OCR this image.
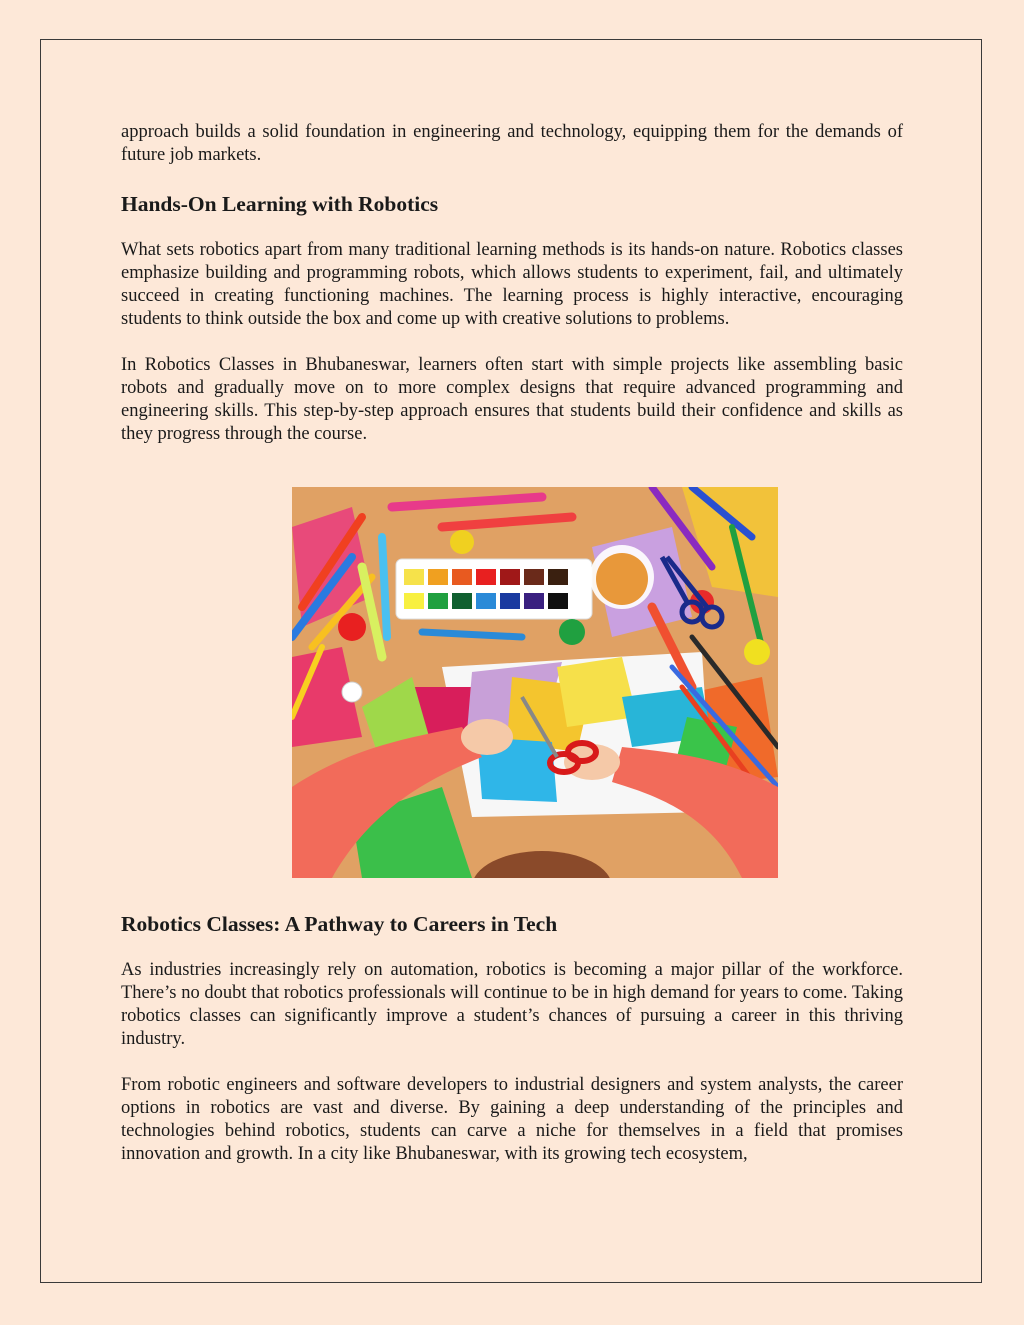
approach builds a solid foundation in engineering and technology, equipping them for the demands of future job markets.

Hands-On Learning with Robotics

What sets robotics apart from many traditional learning methods is its hands-on nature. Robotics classes emphasize building and programming robots, which allows students to experiment, fail, and ultimately succeed in creating functioning machines. The learning process is highly interactive, encouraging students to think outside the box and come up with creative solutions to problems.

In Robotics Classes in Bhubaneswar, learners often start with simple projects like assembling basic robots and gradually move on to more complex designs that require advanced programming and engineering skills. This step-by-step approach ensures that students build their confidence and skills as they progress through the course.

Robotics Classes: A Pathway to Careers in Tech

As industries increasingly rely on automation, robotics is becoming a major pillar of the workforce. There’s no doubt that robotics professionals will continue to be in high demand for years to come. Taking robotics classes can significantly improve a student’s chances of pursuing a career in this thriving industry.

From robotic engineers and software developers to industrial designers and system analysts, the career options in robotics are vast and diverse. By gaining a deep understanding of the principles and technologies behind robotics, students can carve a niche for themselves in a field that promises innovation and growth. In a city like Bhubaneswar, with its growing tech ecosystem,
